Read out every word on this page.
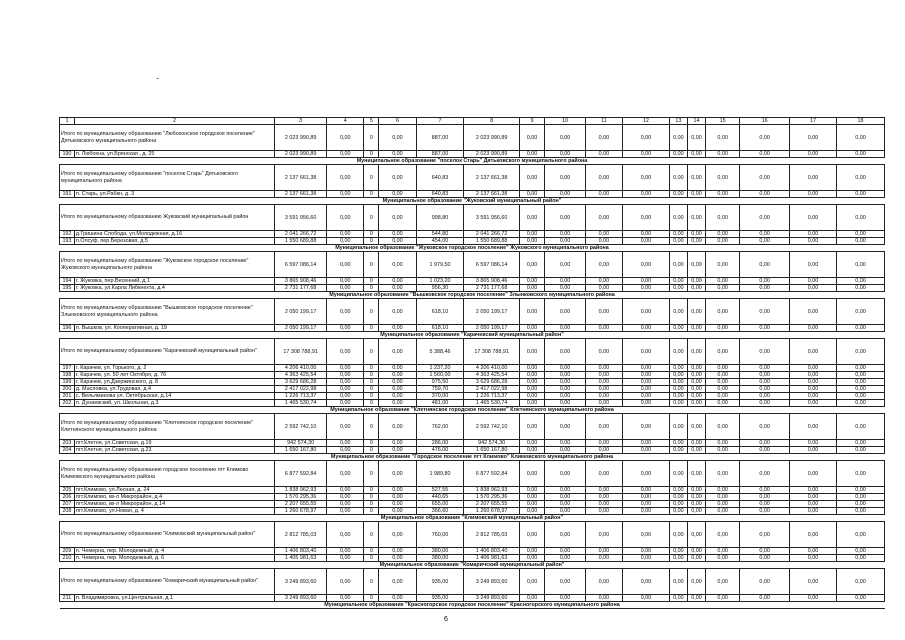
1	2	3	4	5	6	7	8	9	10	11	12	13	14	15	16	17	18
Итого по муниципальному образованию "Любохонское городское поселение" Дятьковского муниципального района		2 023 990,89	0,00	0	0,00	887,00	2 023 990,89	0,00	0,00	0,00	0,00	0,00	0,00	0,00	0,00	0,00	0,00
190	п. Любохна, ул.Брянская , д. 25	2 023 990,89	0,00	0	0,00	887,00	2 023 990,89	0,00	0,00	0,00	0,00	0,00	0,00	0,00	0,00	0,00	0,00
Муниципальное образование "поселок Старь" Дятьковского муниципального района																	
Итого по муниципальному образованию "поселок Старь" Дятьковского муниципального района		2 137 661,38	0,00	0	0,00	640,83	2 137 661,38	0,00	0,00	0,00	0,00	0,00	0,00	0,00	0,00	0,00	0,00
191	п. Старь, ул.Рабкн, д. 3	2 137 661,38	0,00	0	0,00	640,83	2 137 661,38	0,00	0,00	0,00	0,00	0,00	0,00	0,00	0,00	0,00	0,00
Муниципальное образование "Жуковский муниципальный район"																	
Итого по муниципальному образованию Жуковский муниципальный район		3 591 956,60	0,00	0	0,00	998,80	3 591 956,60	0,00	0,00	0,00	0,00	0,00	0,00	0,00	0,00	0,00	0,00
192	д.Гришина Слобода, ул.Молодежная, д.16	2 041 266,72	0,00	0	0,00	544,80	2 041 266,72	0,00	0,00	0,00	0,00	0,00	0,00	0,00	0,00	0,00	0,00
193	п.Олсуф, пер.Березовая, д.5	1 550 689,88	0,00	0	0,00	454,00	1 550 689,88	0,00	0,00	0,00	0,00	0,00	0,00	0,00	0,00	0,00	0,00
Муниципальное образование "Жуковское городское поселение" Жуковского муниципального района																	
Итого по муниципальному образованию "Жуковское городское поселение" Жуковского муниципального района		6 597 086,14	0,00	0	0,00	1 979,50	6 597 086,14	0,00	0,00	0,00	0,00	0,00	0,00	0,00	0,00	0,00	0,00
194	г. Жуковка, пер.Весенний, д.1	3 865 908,46	0,00	0	0,00	1 023,20	3 865 908,46	0,00	0,00	0,00	0,00	0,00	0,00	0,00	0,00	0,00	0,00
195	г. Жуковка, ул.Карла Либкнехта, д.4	2 731 177,68	0,00	0	0,00	956,30	2 731 177,68	0,00	0,00	0,00	0,00	0,00	0,00	0,00	0,00	0,00	0,00
Муниципальное образование "Вышковское городское поселение" Злынковского муниципального района																	
Итого по муниципальному образованию "Вышковское городское поселение" Злынковского муниципального района		2 050 199,17	0,00	0	0,00	618,10	2 050 199,17	0,00	0,00	0,00	0,00	0,00	0,00	0,00	0,00	0,00	0,00
196	п. Вышков, ул. Кооперативная, д. 19	2 050 199,17	0,00	0	0,00	618,10	2 050 199,17	0,00	0,00	0,00	0,00	0,00	0,00	0,00	0,00	0,00	0,00
Муниципальное образование "Карачевский муниципальный район"																	
Итого по муниципальному образованию "Карачевский муниципальный район"		17 308 788,91	0,00	0	0,00	5 388,46	17 308 788,91	0,00	0,00	0,00	0,00	0,00	0,00	0,00	0,00	0,00	0,00
197	г. Карачев, ул. Горького, д. 2	4 206 410,00	0,00	0	0,00	1 237,20	4 206 410,00	0,00	0,00	0,00	0,00	0,00	0,00	0,00	0,00	0,00	0,00
198	г. Карачев, ул. 50 лет Октября, д. 76	4 363 425,54	0,00	0	0,00	1 560,00	4 363 425,54	0,00	0,00	0,00	0,00	0,00	0,00	0,00	0,00	0,00	0,00
199	г. Карачев, ул.Дзержинского, д. 8	3 629 686,28	0,00	0	0,00	975,50	3 629 686,28	0,00	0,00	0,00	0,00	0,00	0,00	0,00	0,00	0,00	0,00
200	д. Масловка, ул.Трудовая, д.4	2 417 022,98	0,00	0	0,00	759,70	2 417 022,98	0,00	0,00	0,00	0,00	0,00	0,00	0,00	0,00	0,00	0,00
201	с. Вельяминова ул. Октябрьская, д.14	1 226 713,37	0,00	0	0,00	370,00	1 226 713,37	0,00	0,00	0,00	0,00	0,00	0,00	0,00	0,00	0,00	0,00
202	п. Дунаевский, ул. Школьная, д.3	1 465 530,74	0,00	0	0,00	481,00	1 465 530,74	0,00	0,00	0,00	0,00	0,00	0,00	0,00	0,00	0,00	0,00
Муниципальное образование "Клетнянское городское поселение" Клетнянского муниципального района																	
Итого по муниципальному образованию "Клетнянское городское поселение" Клетнянского муниципального района		2 592 742,10	0,00	0	0,00	762,00	2 592 742,10	0,00	0,00	0,00	0,00	0,00	0,00	0,00	0,00	0,00	0,00
203	пгт.Клетня, ул.Советская, д.19	942 574,30	0,00	0	0,00	286,00	942 574,30	0,00	0,00	0,00	0,00	0,00	0,00	0,00	0,00	0,00	0,00
204	пгт.Клетня, ул.Советская, д.23	1 650 167,80	0,00	0	0,00	476,00	1 650 167,80	0,00	0,00	0,00	0,00	0,00	0,00	0,00	0,00	0,00	0,00
Муниципальное образование "Городское поселение пгт Климово" Климовского муниципального района																	
Итого по муниципальному образованию городское поселение пгт Климово Климовского муниципального района		6 877 592,84	0,00	0	0,00	1 989,80	6 877 592,84	0,00	0,00	0,00	0,00	0,00	0,00	0,00	0,00	0,00	0,00
205	пгт.Климово, ул.Лесная, д. 24	1 838 962,93	0,00	0	0,00	527,55	1 838 962,93	0,00	0,00	0,00	0,00	0,00	0,00	0,00	0,00	0,00	0,00
206	пгт.Климово, кв-л Микрорайон, д.4	1 570 295,36	0,00	0	0,00	440,65	1 570 295,36	0,00	0,00	0,00	0,00	0,00	0,00	0,00	0,00	0,00	0,00
207	пгт.Климово, кв-л Микрорайон, д.14	2 207 655,55	0,00	0	0,00	655,00	2 207 655,55	0,00	0,00	0,00	0,00	0,00	0,00	0,00	0,00	0,00	0,00
208	пгт.Климово, ул.Новая, д. 4	1 260 678,97	0,00	0	0,00	366,60	1 260 678,97	0,00	0,00	0,00	0,00	0,00	0,00	0,00	0,00	0,00	0,00
Муниципальное образование "Климовский муниципальный район"																	
Итого по муниципальному образованию "Климовский муниципальный район"		2 812 785,03	0,00	0	0,00	760,00	2 812 785,03	0,00	0,00	0,00	0,00	0,00	0,00	0,00	0,00	0,00	0,00
209	п. Чемерна, пер. Молодежный, д. 4	1 406 803,40	0,00	0	0,00	380,00	1 406 803,40	0,00	0,00	0,00	0,00	0,00	0,00	0,00	0,00	0,00	0,00
210	п. Чемерна, пер. Молодежный, д. 6	1 405 981,63	0,00	0	0,00	380,00	1 406 981,63	0,00	0,00	0,00	0,00	0,00	0,00	0,00	0,00	0,00	0,00
Муниципальное образование "Комаричский муниципальный район"																	
Итого по муниципальному образованию "Комаричский муниципальный район"		3 249 893,60	0,00	0	0,00	935,00	3 249 893,60	0,00	0,00	0,00	0,00	0,00	0,00	0,00	0,00	0,00	0,00
211	п. Владимировка, ул.Центральная, д.1	3 249 893,60	0,00	0	0,00	935,00	3 249 893,60	0,00	0,00	0,00	0,00	0,00	0,00	0,00	0,00	0,00	0,00
Муниципальное образование "Красногорское городское поселение" Красногорского муниципального района																	
6
